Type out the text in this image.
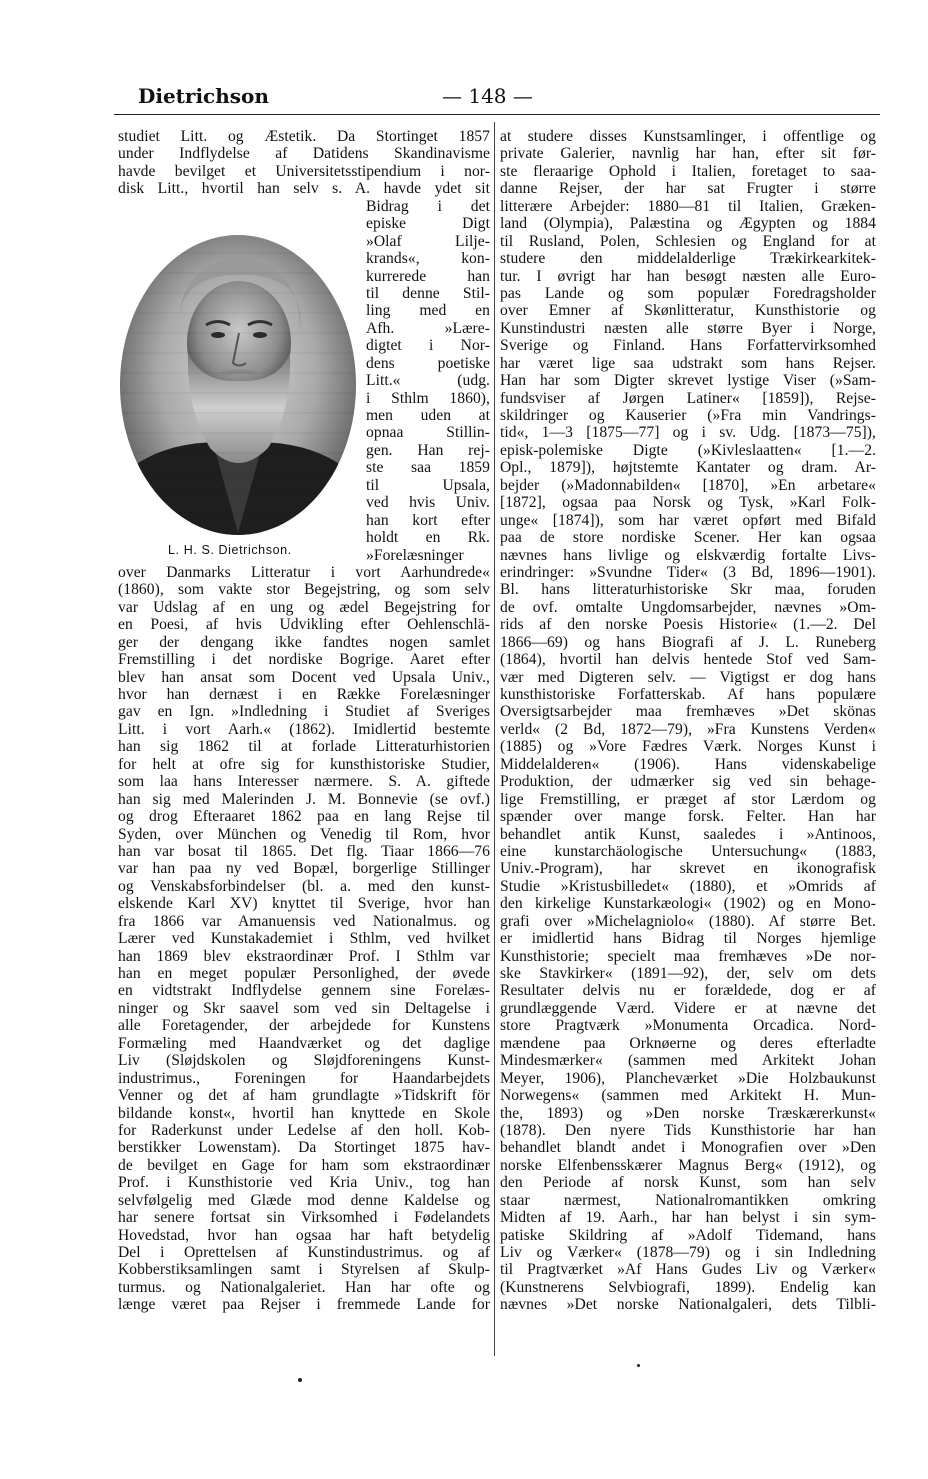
Dietrichson	— 148 —
L. H. S. Dietrichson.
studiet Litt. og Æstetik. Da Stortinget 1857
under Indflydelse af Datidens Skandinavisme
havde bevilget et Universitetsstipendium i nor-
disk Litt., hvortil han selv s. A. havde ydet sit
Bidrag i det
episke Digt
»Olaf Lilje-
krands«, kon-
kurrerede han
til denne Stil-
ling med en
Afh. »Lære-
digtet i Nor-
dens poetiske
Litt.« (udg.
i Sthlm 1860),
men uden at
opnaa Stillin-
gen. Han rej-
ste saa 1859
til Upsala,
ved hvis Univ.
han kort efter
holdt en Rk.
»Forelæsninger
over Danmarks Litteratur i vort Aarhundrede«
(1860), som vakte stor Begejstring, og som selv
var Udslag af en ung og ædel Begejstring for
en Poesi, af hvis Udvikling efter Oehlenschlä-
ger der dengang ikke fandtes nogen samlet
Fremstilling i det nordiske Bogrige. Aaret efter
blev han ansat som Docent ved Upsala Univ.,
hvor han dernæst i en Række Forelæsninger
gav en Ign. »Indledning i Studiet af Sveriges
Litt. i vort Aarh.« (1862). Imidlertid bestemte
han sig 1862 til at forlade Litteraturhistorien
for helt at ofre sig for kunsthistoriske Studier,
som laa hans Interesser nærmere. S. A. giftede
han sig med Malerinden J. M. Bonnevie (se ovf.)
og drog Efteraaret 1862 paa en lang Rejse til
Syden, over München og Venedig til Rom, hvor
han var bosat til 1865. Det flg. Tiaar 1866—76
var han paa ny ved Bopæl, borgerlige Stillinger
og Venskabsforbindelser (bl. a. med den kunst-
elskende Karl XV) knyttet til Sverige, hvor han
fra 1866 var Amanuensis ved Nationalmus. og
Lærer ved Kunstakademiet i Sthlm, ved hvilket
han 1869 blev ekstraordinær Prof. I Sthlm var
han en meget populær Personlighed, der øvede
en vidtstrakt Indflydelse gennem sine Forelæs-
ninger og Skr saavel som ved sin Deltagelse i
alle Foretagender, der arbejdede for Kunstens
Formæling med Haandværket og det daglige
Liv (Sløjdskolen og Sløjdforeningens Kunst-
industrimus., Foreningen for Haandarbejdets
Venner og det af ham grundlagte »Tidskrift för
bildande konst«, hvortil han knyttede en Skole
for Raderkunst under Ledelse af den holl. Kob-
berstikker Lowenstam). Da Stortinget 1875 hav-
de bevilget en Gage for ham som ekstraordinær
Prof. i Kunsthistorie ved Kria Univ., tog han
selvfølgelig med Glæde mod denne Kaldelse og
har senere fortsat sin Virksomhed i Fødelandets
Hovedstad, hvor han ogsaa har haft betydelig
Del i Oprettelsen af Kunstindustrimus. og af
Kobberstiksamlingen samt i Styrelsen af Skulp-
turmus. og Nationalgaleriet. Han har ofte og
længe været paa Rejser i fremmede Lande for
at studere disses Kunstsamlinger, i offentlige og
private Galerier, navnlig har han, efter sit før-
ste fleraarige Ophold i Italien, foretaget to saa-
danne Rejser, der har sat Frugter i større
litterære Arbejder: 1880—81 til Italien, Græken-
land (Olympia), Palæstina og Ægypten og 1884
til Rusland, Polen, Schlesien og England for at
studere den middelalderlige Trækirkearkitek-
tur. I øvrigt har han besøgt næsten alle Euro-
pas Lande og som populær Foredragsholder
over Emner af Skønlitteratur, Kunsthistorie og
Kunstindustri næsten alle større Byer i Norge,
Sverige og Finland. Hans Forfattervirksomhed
har været lige saa udstrakt som hans Rejser.
Han har som Digter skrevet lystige Viser (»Sam-
fundsviser af Jørgen Latiner« [1859]), Rejse-
skildringer og Kauserier (»Fra min Vandrings-
tid«, 1—3 [1875—77] og i sv. Udg. [1873—75]),
episk-polemiske Digte (»Kivleslaatten« [1.—2.
Opl., 1879]), højtstemte Kantater og dram. Ar-
bejder (»Madonnabilden« [1870], »En arbetare«
[1872], ogsaa paa Norsk og Tysk, »Karl Folk-
unge« [1874]), som har været opført med Bifald
paa de store nordiske Scener. Her kan ogsaa
nævnes hans livlige og elskværdig fortalte Livs-
erindringer: »Svundne Tider« (3 Bd, 1896—1901).
Bl. hans litteraturhistoriske Skr maa, foruden
de ovf. omtalte Ungdomsarbejder, nævnes »Om-
rids af den norske Poesis Historie« (1.—2. Del
1866—69) og hans Biografi af J. L. Runeberg
(1864), hvortil han delvis hentede Stof ved Sam-
vær med Digteren selv. — Vigtigst er dog hans
kunsthistoriske Forfatterskab. Af hans populære
Oversigtsarbejder maa fremhæves »Det skönas
verld« (2 Bd, 1872—79), »Fra Kunstens Verden«
(1885) og »Vore Fædres Værk. Norges Kunst i
Middelalderen« (1906). Hans videnskabelige
Produktion, der udmærker sig ved sin behage-
lige Fremstilling, er præget af stor Lærdom og
spænder over mange forsk. Felter. Han har
behandlet antik Kunst, saaledes i »Antinoos,
eine kunstarchäologische Untersuchung« (1883,
Univ.-Program), har skrevet en ikonografisk
Studie »Kristusbilledet« (1880), et »Omrids af
den kirkelige Kunstarkæologi« (1902) og en Mono-
grafi over »Michelagniolo« (1880). Af større Bet.
er imidlertid hans Bidrag til Norges hjemlige
Kunsthistorie; specielt maa fremhæves »De nor-
ske Stavkirker« (1891—92), der, selv om dets
Resultater delvis nu er forældede, dog er af
grundlæggende Værd. Videre er at nævne det
store Pragtværk »Monumenta Orcadica. Nord-
mændene paa Orknøerne og deres efterladte
Mindesmærker« (sammen med Arkitekt Johan
Meyer, 1906), Plancheværket »Die Holzbaukunst
Norwegens« (sammen med Arkitekt H. Mun-
the, 1893) og »Den norske Træskærerkunst«
(1878). Den nyere Tids Kunsthistorie har han
behandlet blandt andet i Monografien over »Den
norske Elfenbensskærer Magnus Berg« (1912), og
den Periode af norsk Kunst, som han selv
staar nærmest, Nationalromantikken omkring
Midten af 19. Aarh., har han belyst i sin sym-
patiske Skildring af »Adolf Tidemand, hans
Liv og Værker« (1878—79) og i sin Indledning
til Pragtværket »Af Hans Gudes Liv og Værker«
(Kunstnerens Selvbiografi, 1899). Endelig kan
nævnes »Det norske Nationalgaleri, dets Tilbli-
